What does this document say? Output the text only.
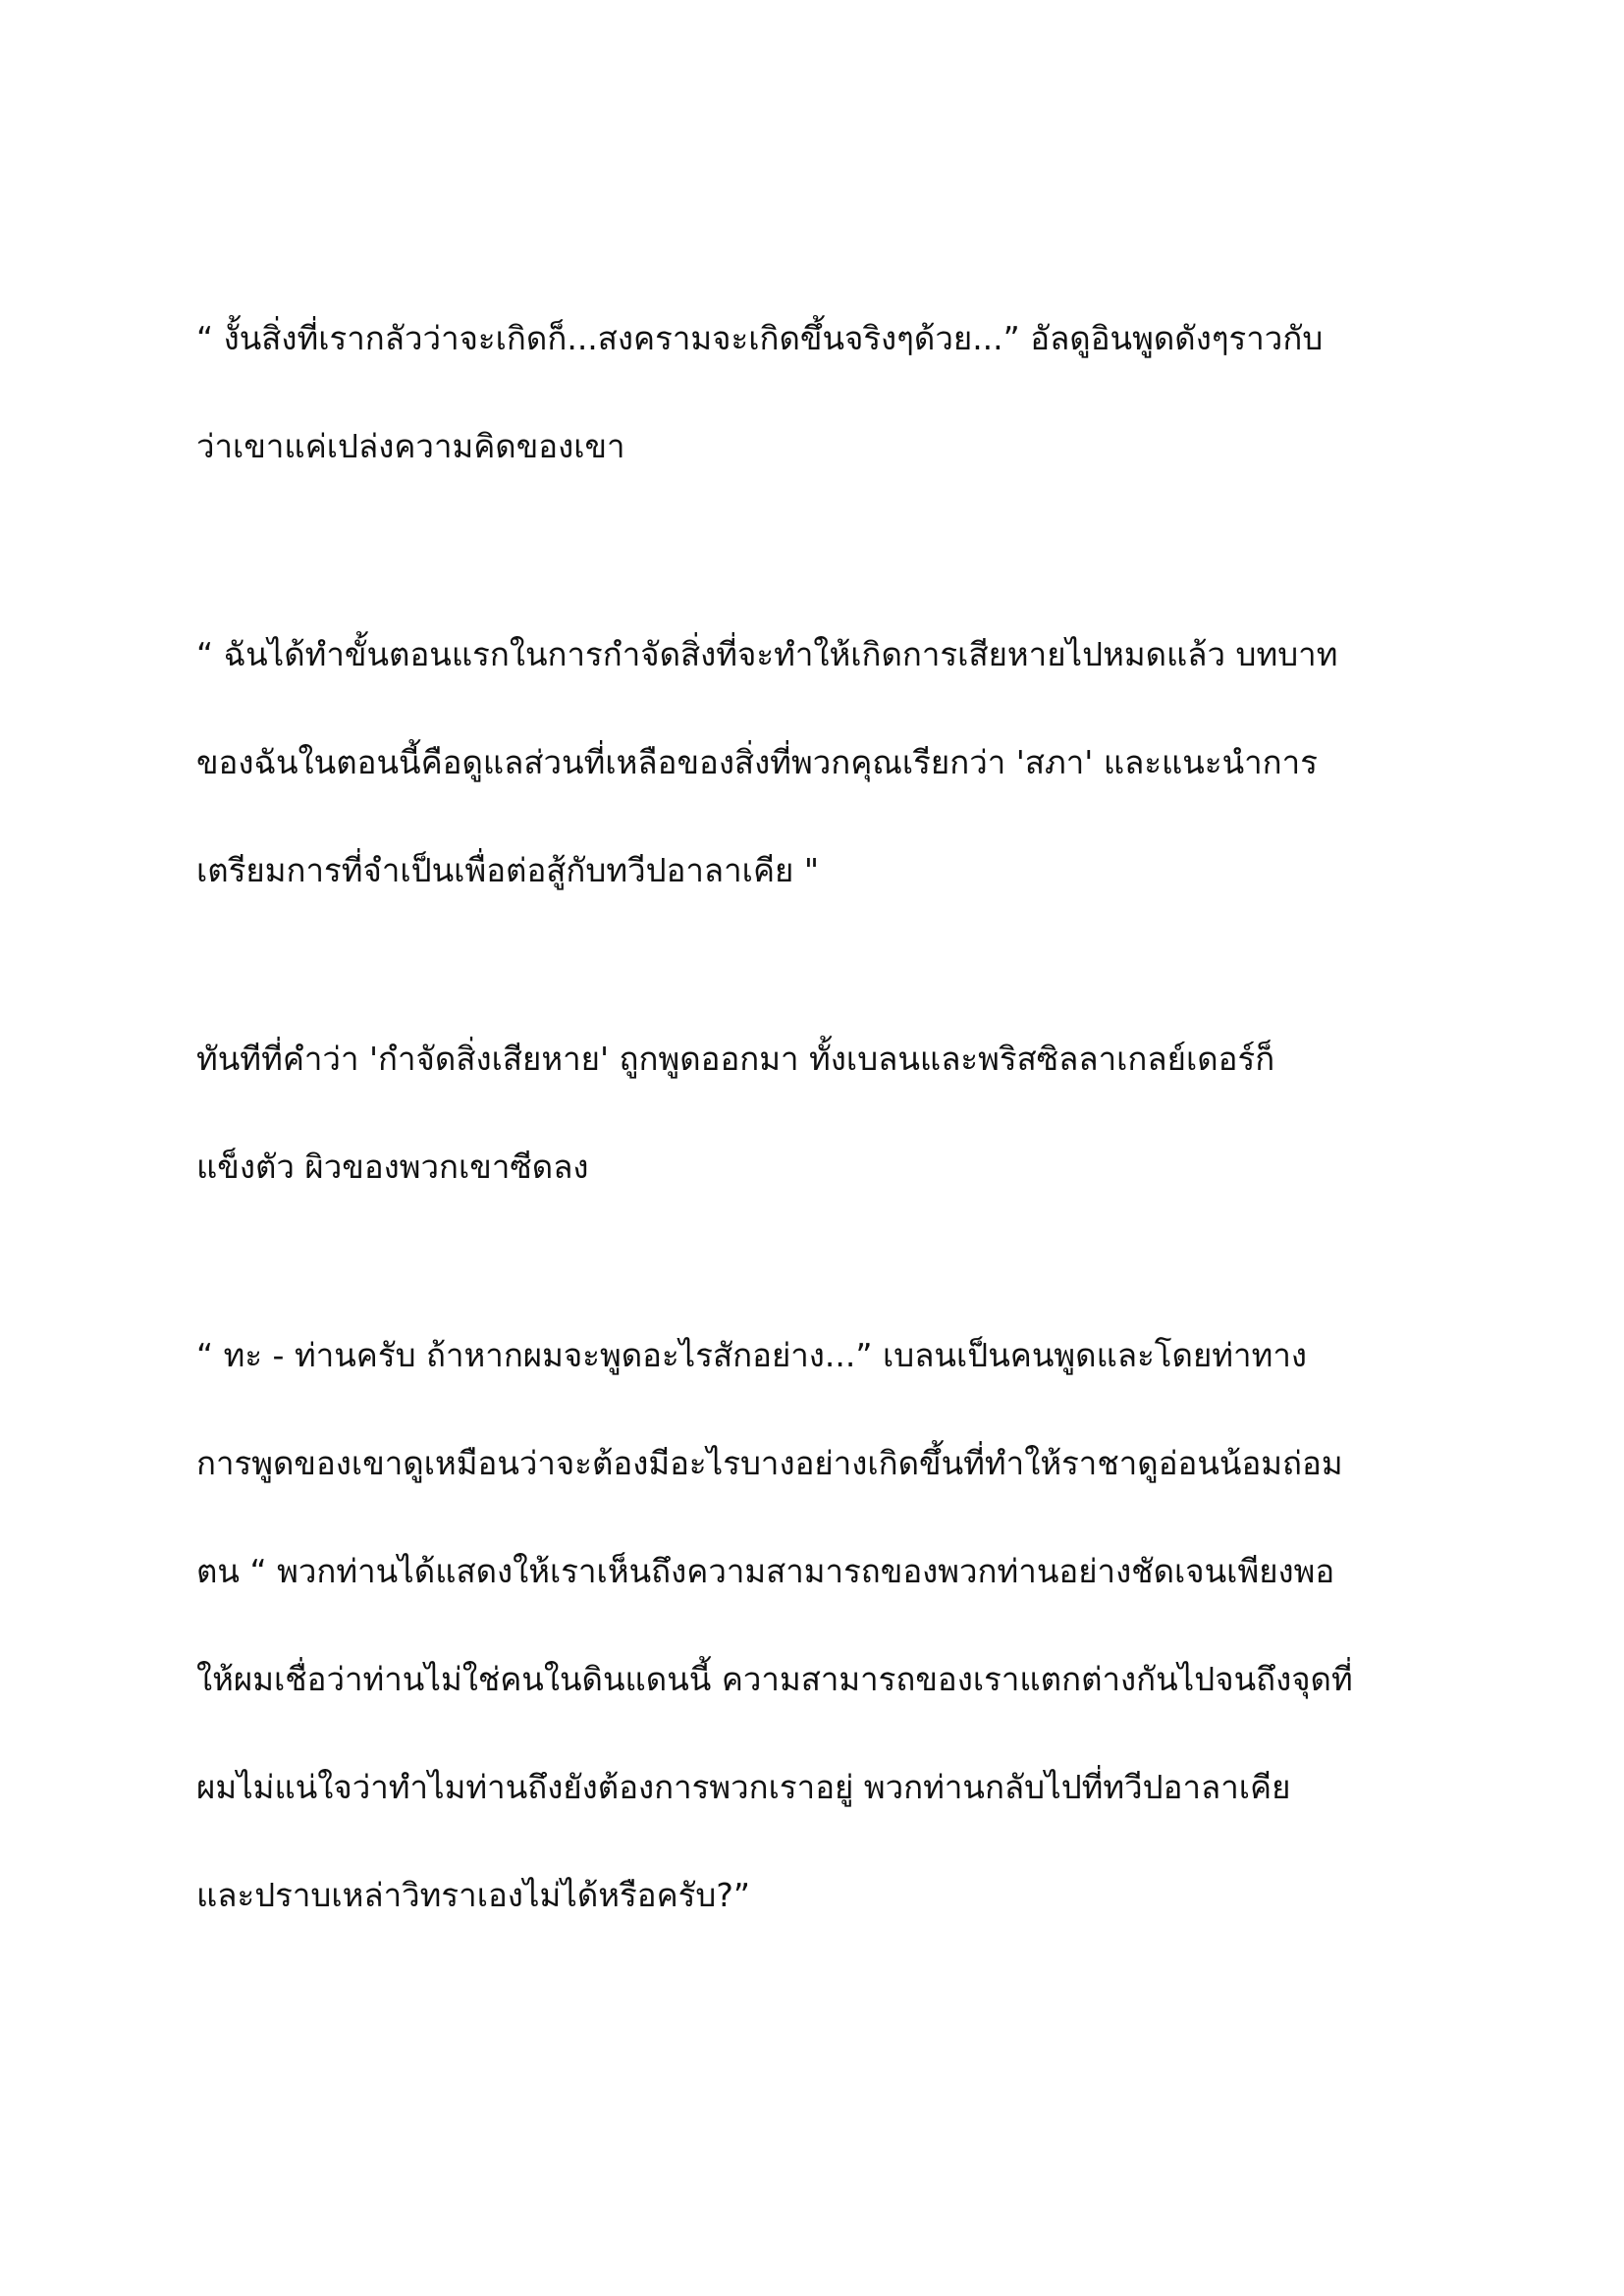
“ งั้นสิ่งที่เรากลัวว่าจะเกิดก็...สงครามจะเกิดขึ้นจริงๆด้วย...” อัลดูอินพูดดังๆราวกับ
ว่าเขาแค่เปล่งความคิดของเขา
“ ฉันได้ทำขั้นตอนแรกในการกำจัดสิ่งที่จะทำให้เกิดการเสียหายไปหมดแล้ว บทบาท
ของฉันในตอนนี้คือดูแลส่วนที่เหลือของสิ่งที่พวกคุณเรียกว่า 'สภา' และแนะนำการ
เตรียมการที่จำเป็นเพื่อต่อสู้กับทวีปอาลาเคีย "
ทันทีที่คำว่า 'กำจัดสิ่งเสียหาย' ถูกพูดออกมา ทั้งเบลนและพริสซิลลาเกลย์เดอร์ก็
แข็งตัว ผิวของพวกเขาซีดลง
“ ทะ - ท่านครับ ถ้าหากผมจะพูดอะไรสักอย่าง...” เบลนเป็นคนพูดและโดยท่าทาง
การพูดของเขาดูเหมือนว่าจะต้องมีอะไรบางอย่างเกิดขึ้นที่ทำให้ราชาดูอ่อนน้อมถ่อม
ตน “ พวกท่านได้แสดงให้เราเห็นถึงความสามารถของพวกท่านอย่างชัดเจนเพียงพอ
ให้ผมเชื่อว่าท่านไม่ใช่คนในดินแดนนี้ ความสามารถของเราแตกต่างกันไปจนถึงจุดที่
ผมไม่แน่ใจว่าทำไมท่านถึงยังต้องการพวกเราอยู่ พวกท่านกลับไปที่ทวีปอาลาเคีย
และปราบเหล่าวิทราเองไม่ได้หรือครับ?”
